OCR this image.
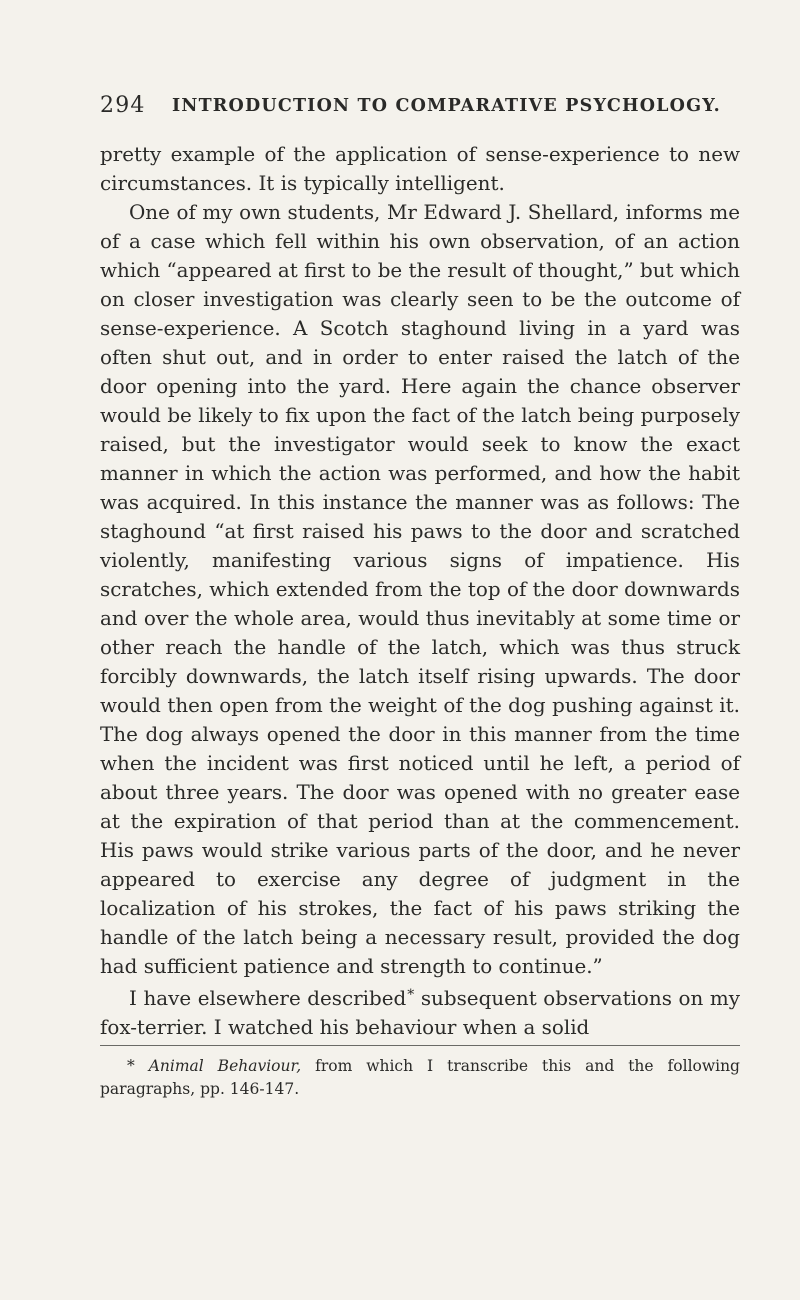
294 INTRODUCTION TO COMPARATIVE PSYCHOLOGY.

pretty example of the application of sense-experience to new circumstances. It is typically intelligent.

One of my own students, Mr Edward J. Shellard, informs me of a case which fell within his own observation, of an action which “appeared at first to be the result of thought,” but which on closer investigation was clearly seen to be the outcome of sense-experience. A Scotch staghound living in a yard was often shut out, and in order to enter raised the latch of the door opening into the yard. Here again the chance observer would be likely to fix upon the fact of the latch being purposely raised, but the investigator would seek to know the exact manner in which the action was performed, and how the habit was acquired. In this instance the manner was as follows: The staghound “at first raised his paws to the door and scratched violently, manifesting various signs of impatience. His scratches, which extended from the top of the door downwards and over the whole area, would thus inevitably at some time or other reach the handle of the latch, which was thus struck forcibly downwards, the latch itself rising upwards. The door would then open from the weight of the dog pushing against it. The dog always opened the door in this manner from the time when the incident was first noticed until he left, a period of about three years. The door was opened with no greater ease at the expiration of that period than at the commencement. His paws would strike various parts of the door, and he never appeared to exercise any degree of judgment in the localization of his strokes, the fact of his paws striking the handle of the latch being a necessary result, provided the dog had sufficient patience and strength to continue.”

I have elsewhere described* subsequent observations on my fox-terrier. I watched his behaviour when a solid

* Animal Behaviour, from which I transcribe this and the following paragraphs, pp. 146-147.
